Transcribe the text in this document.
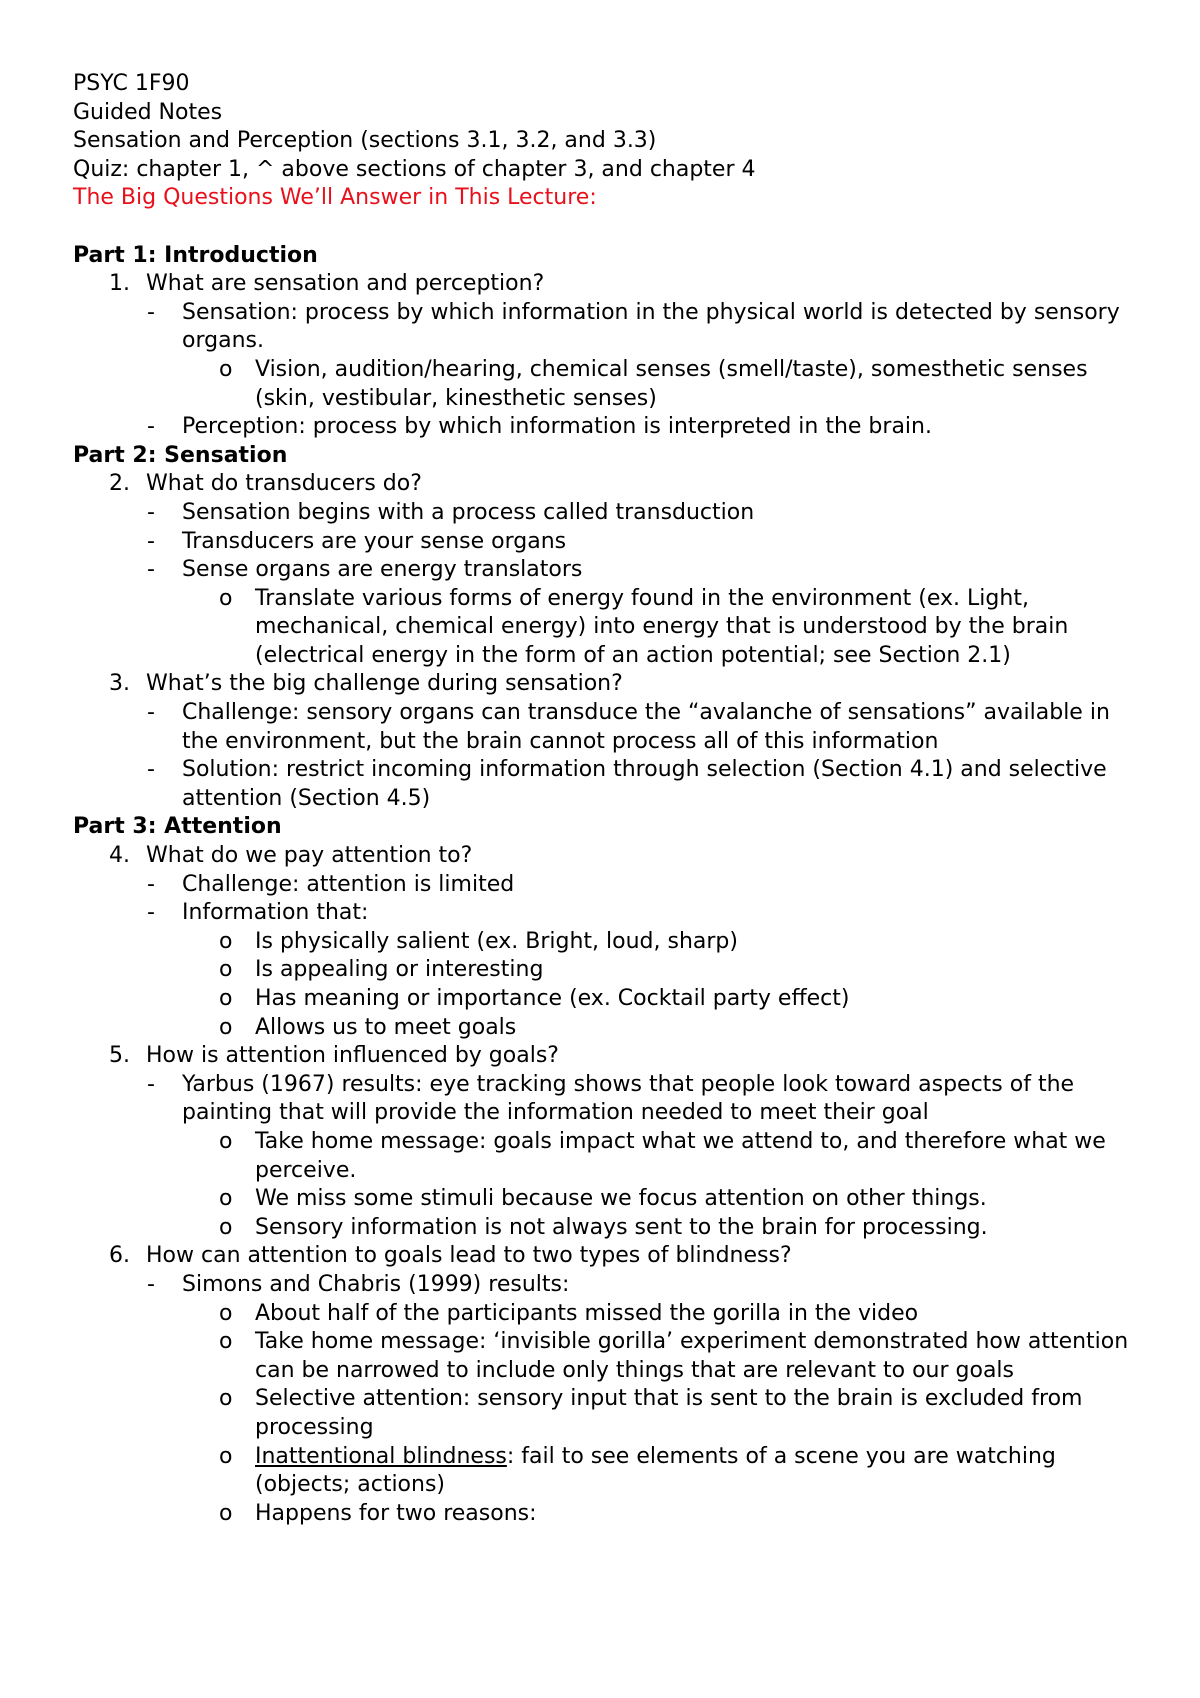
PSYC 1F90

Guided Notes

Sensation and Perception (sections 3.1, 3.2, and 3.3)

Quiz: chapter 1, ^ above sections of chapter 3, and chapter 4

The Big Questions We’ll Answer in This Lecture:

Part 1: Introduction

1. What are sensation and perception?
- Sensation: process by which information in the physical world is detected by sensory organs.
o Vision, audition/hearing, chemical senses (smell/taste), somesthetic senses (skin, vestibular, kinesthetic senses)
- Perception: process by which information is interpreted in the brain.

Part 2: Sensation

2. What do transducers do?
- Sensation begins with a process called transduction
- Transducers are your sense organs
- Sense organs are energy translators
o Translate various forms of energy found in the environment (ex. Light, mechanical, chemical energy) into energy that is understood by the brain (electrical energy in the form of an action potential; see Section 2.1)
3. What’s the big challenge during sensation?
- Challenge: sensory organs can transduce the “avalanche of sensations” available in the environment, but the brain cannot process all of this information
- Solution: restrict incoming information through selection (Section 4.1) and selective attention (Section 4.5)

Part 3: Attention

4. What do we pay attention to?
- Challenge: attention is limited
- Information that:
o Is physically salient (ex. Bright, loud, sharp)
o Is appealing or interesting
o Has meaning or importance (ex. Cocktail party effect)
o Allows us to meet goals
5. How is attention influenced by goals?
- Yarbus (1967) results: eye tracking shows that people look toward aspects of the painting that will provide the information needed to meet their goal
o Take home message: goals impact what we attend to, and therefore what we perceive.
o We miss some stimuli because we focus attention on other things.
o Sensory information is not always sent to the brain for processing.
6. How can attention to goals lead to two types of blindness?
- Simons and Chabris (1999) results:
o About half of the participants missed the gorilla in the video
o Take home message: ‘invisible gorilla’ experiment demonstrated how attention can be narrowed to include only things that are relevant to our goals
o Selective attention: sensory input that is sent to the brain is excluded from processing
o Inattentional blindness: fail to see elements of a scene you are watching (objects; actions)
o Happens for two reasons:
